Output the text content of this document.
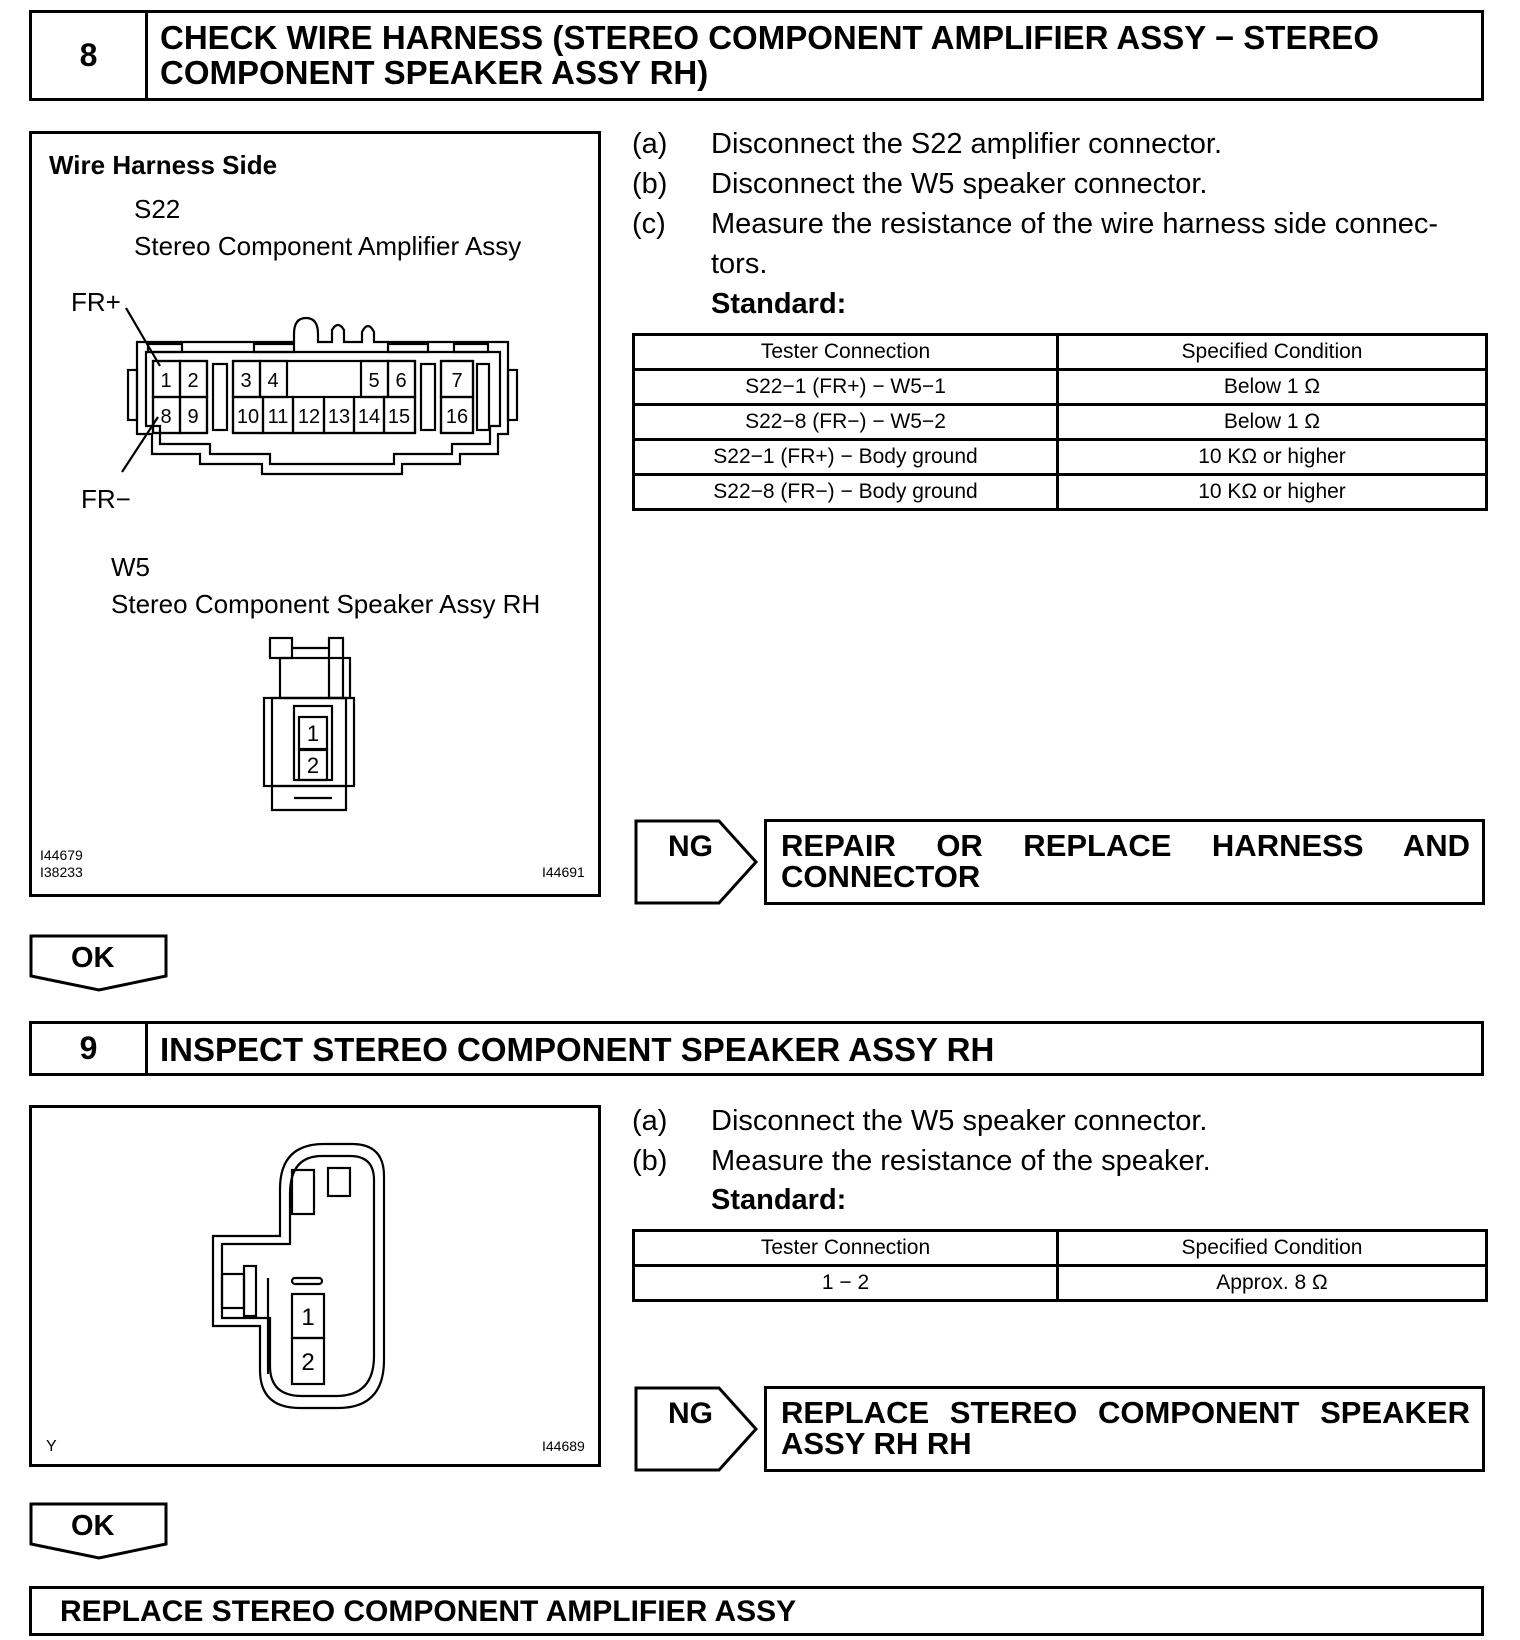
8	CHECK WIRE HARNESS (STEREO COMPONENT AMPLIFIER ASSY − STEREO COMPONENT SPEAKER ASSY RH)
Wire Harness Side
S22
Stereo Component Amplifier Assy
FR+
FR−
1 2 3 4	5 6 7
8 9 10 11 12 13 14 15 16
W5
Stereo Component Speaker Assy RH
1
2
I44679
I38233	I44691
(a) Disconnect the S22 amplifier connector.
(b) Disconnect the W5 speaker connector.
(c) Measure the resistance of the wire harness side connec-
tors.
Standard:
Tester Connection	Specified Condition
S22−1 (FR+) − W5−1	Below 1 Ω
S22−8 (FR−) − W5−2	Below 1 Ω
S22−1 (FR+) − Body ground	10 KΩ or higher
S22−8 (FR−) − Body ground	10 KΩ or higher
NG	REPAIR OR REPLACE HARNESS AND CONNECTOR
OK
9	INSPECT STEREO COMPONENT SPEAKER ASSY RH
1
2
Y	I44689
(a) Disconnect the W5 speaker connector.
(b) Measure the resistance of the speaker.
Standard:
Tester Connection	Specified Condition
1 − 2	Approx. 8 Ω
NG	REPLACE STEREO COMPONENT SPEAKER ASSY RH RH
OK
REPLACE STEREO COMPONENT AMPLIFIER ASSY
